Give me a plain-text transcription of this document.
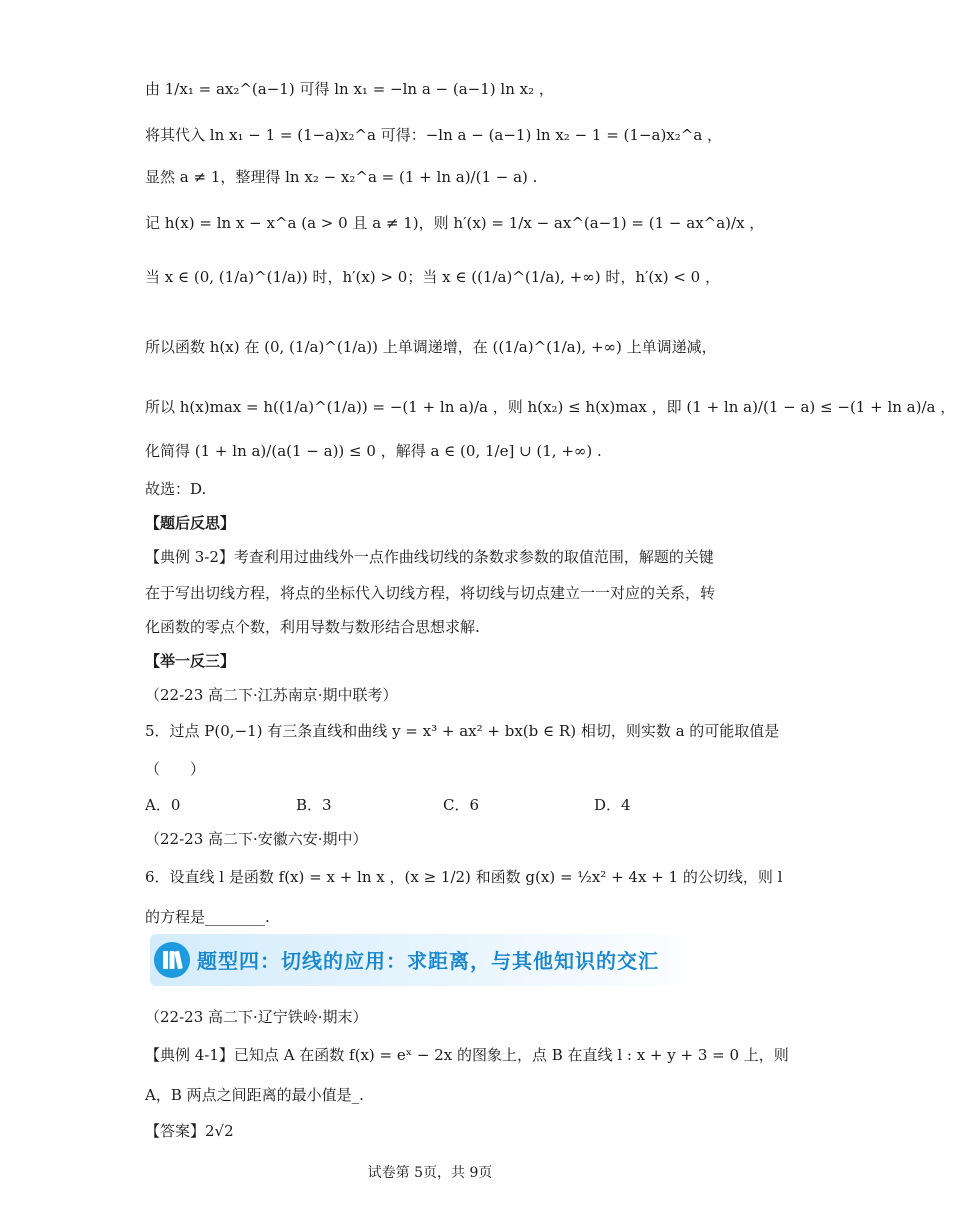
由 1/x₁ = ax₂^(a−1) 可得 ln x₁ = −ln a − (a−1) ln x₂ ，
将其代入 ln x₁ − 1 = (1−a)x₂^a 可得：−ln a − (a−1) ln x₂ − 1 = (1−a)x₂^a ，
显然 a ≠ 1，整理得 ln x₂ − x₂^a = (1 + ln a)/(1 − a) .
记 h(x) = ln x − x^a (a > 0 且 a ≠ 1)，则 h′(x) = 1/x − ax^(a−1) = (1 − ax^a)/x ，
当 x ∈ (0, (1/a)^(1/a)) 时，h′(x) > 0；当 x ∈ ((1/a)^(1/a), +∞) 时，h′(x) < 0 ，
所以函数 h(x) 在 (0, (1/a)^(1/a)) 上单调递增，在 ((1/a)^(1/a), +∞) 上单调递减，
所以 h(x)max = h((1/a)^(1/a)) = −(1 + ln a)/a ，则 h(x₂) ≤ h(x)max ，即 (1 + ln a)/(1 − a) ≤ −(1 + ln a)/a ，
化简得 (1 + ln a)/(a(1 − a)) ≤ 0 ，解得 a ∈ (0, 1/e] ∪ (1, +∞) .
故选：D.
【题后反思】
【典例 3-2】考查利用过曲线外一点作曲线切线的条数求参数的取值范围，解题的关键
在于写出切线方程，将点的坐标代入切线方程，将切线与切点建立一一对应的关系，转
化函数的零点个数，利用导数与数形结合思想求解.
【举一反三】
（22-23 高二下·江苏南京·期中联考）
5．过点 P(0,−1) 有三条直线和曲线 y = x³ + ax² + bx(b ∈ R) 相切，则实数 a 的可能取值是
（　　）
A．0	B．3	C．6	D．4
（22-23 高二下·安徽六安·期中）
6．设直线 l 是函数 f(x) = x + ln x ，(x ≥ 1/2) 和函数 g(x) = ½x² + 4x + 1 的公切线，则 l
的方程是________.
题型四：切线的应用：求距离，与其他知识的交汇
（22-23 高二下·辽宁铁岭·期末）
【典例 4-1】已知点 A 在函数 f(x) = eˣ − 2x 的图象上，点 B 在直线 l : x + y + 3 = 0 上，则
A，B 两点之间距离的最小值是_.
【答案】2√2
试卷第 5页，共 9页
